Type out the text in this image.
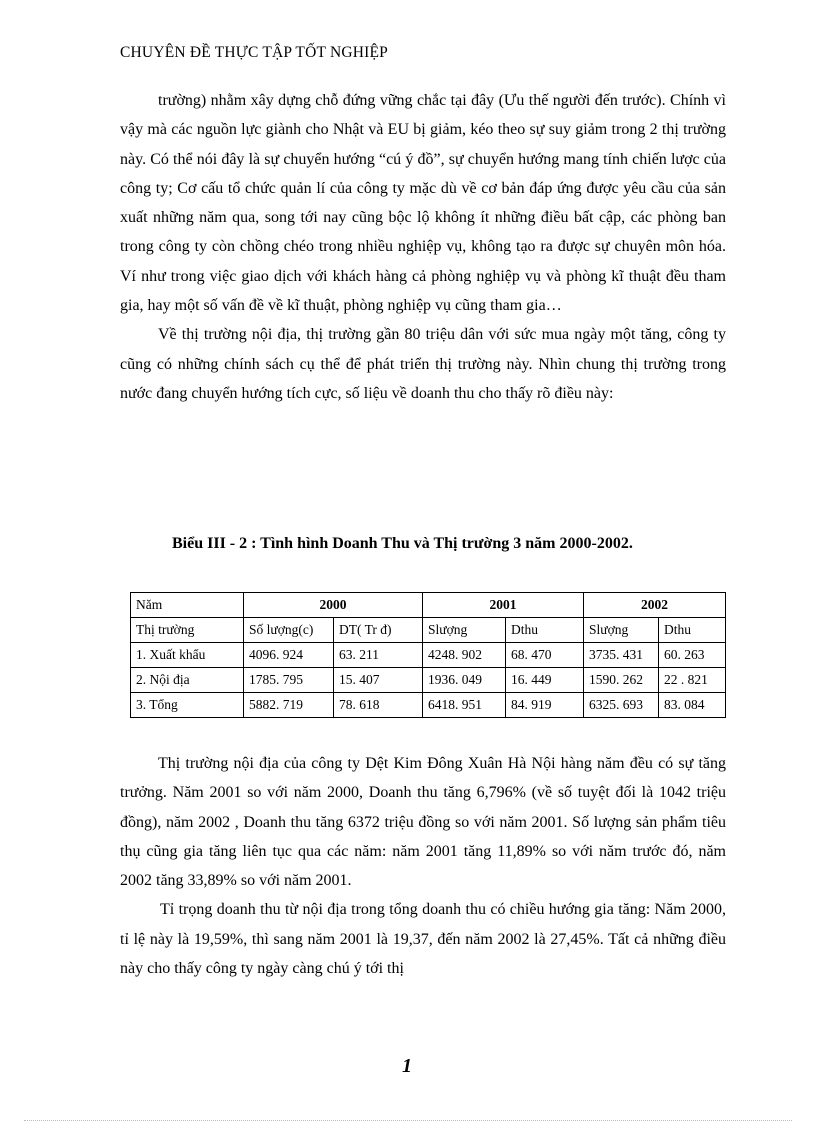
CHUYÊN ĐỀ THỰC TẬP TỐT NGHIỆP

trường) nhằm xây dựng chỗ đứng vững chắc tại đây (Ưu thế người đến trước). Chính vì vậy mà các nguồn lực giành cho Nhật và EU bị giảm, kéo theo sự suy giảm trong 2 thị trường này. Có thể nói đây là sự chuyển hướng “cú ý đồ”, sự chuyển hướng mang tính chiến lược của công ty; Cơ cấu tổ chức quản lí của công ty mặc dù về cơ bản đáp ứng được yêu cầu của sản xuất những năm qua, song tới nay cũng bộc lộ không ít những điều bất cập, các phòng ban trong công ty còn chồng chéo trong nhiều nghiệp vụ, không tạo ra được sự chuyên môn hóa. Ví như trong việc giao dịch với khách hàng cả phòng nghiệp vụ và phòng kĩ thuật đều tham gia, hay một số vấn đề về kĩ thuật, phòng nghiệp vụ cũng tham gia…

Về thị trường nội địa, thị trường gần 80 triệu dân với sức mua ngày một tăng, công ty cũng có những chính sách cụ thể để phát triển thị trường này. Nhìn chung thị trường trong nước đang chuyển hướng tích cực, số liệu về doanh thu cho thấy rõ điều này:

Biểu III - 2 : Tình hình Doanh Thu và Thị trường 3 năm 2000-2002.
Năm	2000		2001		2002	
Thị trường	Số lượng(c)	DT( Tr đ)	Slượng	Dthu	Slượng	Dthu
1. Xuất khẩu	4096. 924	63. 211	4248. 902	68. 470	3735. 431	60. 263
2. Nội địa	1785. 795	15. 407	1936. 049	16. 449	1590. 262	22 . 821
3. Tổng	5882. 719	78. 618	6418. 951	84. 919	6325. 693	83. 084

Thị trường nội địa của công ty Dệt Kim Đông Xuân Hà Nội hàng năm đều có sự tăng trưởng. Năm 2001 so với năm 2000, Doanh thu tăng 6,796% (về số tuyệt đối là 1042 triệu đồng), năm 2002 , Doanh thu tăng 6372 triệu đồng so với năm 2001. Số lượng sản phẩm tiêu thụ cũng gia tăng liên tục qua các năm: năm 2001 tăng 11,89% so với năm trước đó, năm 2002 tăng 33,89% so với năm 2001.

Tỉ trọng doanh thu từ nội địa trong tổng doanh thu có chiều hướng gia tăng: Năm 2000, tỉ lệ này là 19,59%, thì sang năm 2001 là 19,37, đến năm 2002 là 27,45%. Tất cả những điều này cho thấy công ty ngày càng chú ý tới thị

1
